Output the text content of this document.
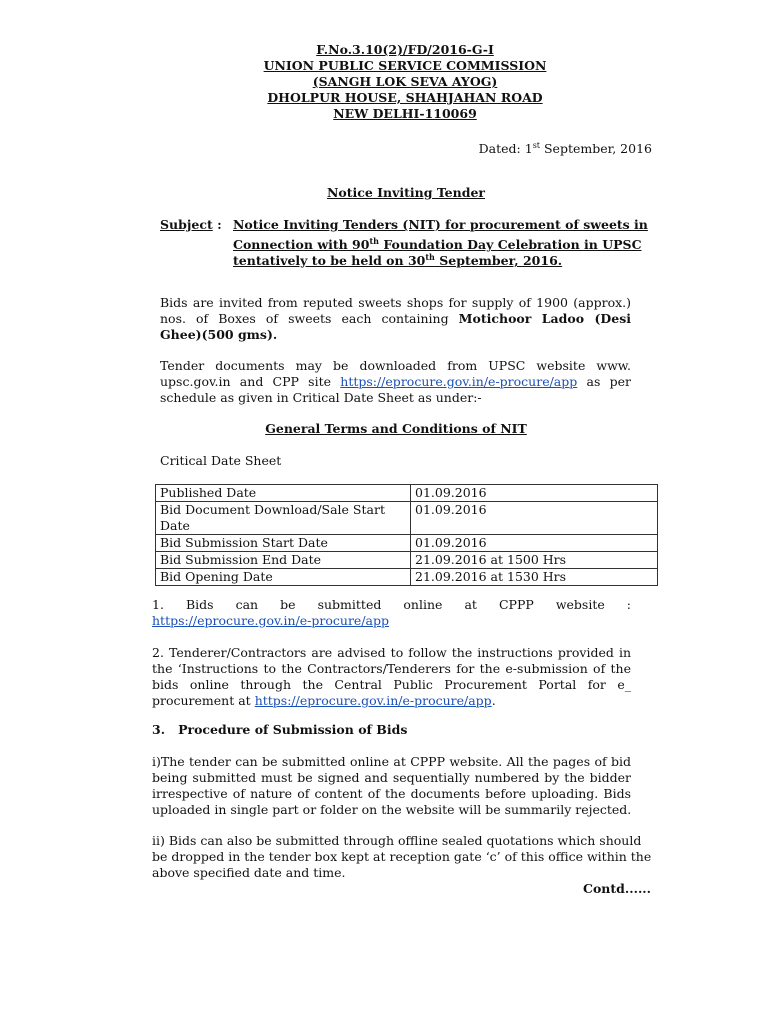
F.No.3.10(2)/FD/2016-G-I
UNION PUBLIC SERVICE COMMISSION
(SANGH LOK SEVA AYOG)
DHOLPUR HOUSE, SHAHJAHAN ROAD
NEW DELHI-110069
Dated: 1st September, 2016
Notice Inviting Tender
Subject : Notice Inviting Tenders (NIT) for procurement of sweets in
Connection with 90th Foundation Day Celebration in UPSC
tentatively to be held on 30th September, 2016.
Bids are invited from reputed sweets shops for supply of 1900 (approx.)
nos. of Boxes of sweets each containing Motichoor Ladoo (Desi
Ghee)(500 gms).
Tender documents may be downloaded from UPSC website www.
upsc.gov.in and CPP site https://eprocure.gov.in/e-procure/app as per
schedule as given in Critical Date Sheet as under:-
General Terms and Conditions of NIT
Critical Date Sheet
Published Date	01.09.2016
Bid Document Download/Sale Start Date	01.09.2016
Bid Submission Start Date	01.09.2016
Bid Submission End Date	21.09.2016 at 1500 Hrs
Bid Opening Date	21.09.2016 at 1530 Hrs
1. Bids can be submitted online at CPPP website :
https://eprocure.gov.in/e-procure/app
2. Tenderer/Contractors are advised to follow the instructions provided in
the ‘Instructions to the Contractors/Tenderers for the e-submission of the
bids online through the Central Public Procurement Portal for e_
procurement at https://eprocure.gov.in/e-procure/app.
3.   Procedure of Submission of Bids
i)The tender can be submitted online at CPPP website. All the pages of bid
being submitted must be signed and sequentially numbered by the bidder
irrespective of nature of content of the documents before uploading. Bids
uploaded in single part or folder on the website will be summarily rejected.
ii) Bids can also be submitted through offline sealed quotations which should
be dropped in the tender box kept at reception gate ‘c’ of this office within the
above specified date and time.
Contd......
